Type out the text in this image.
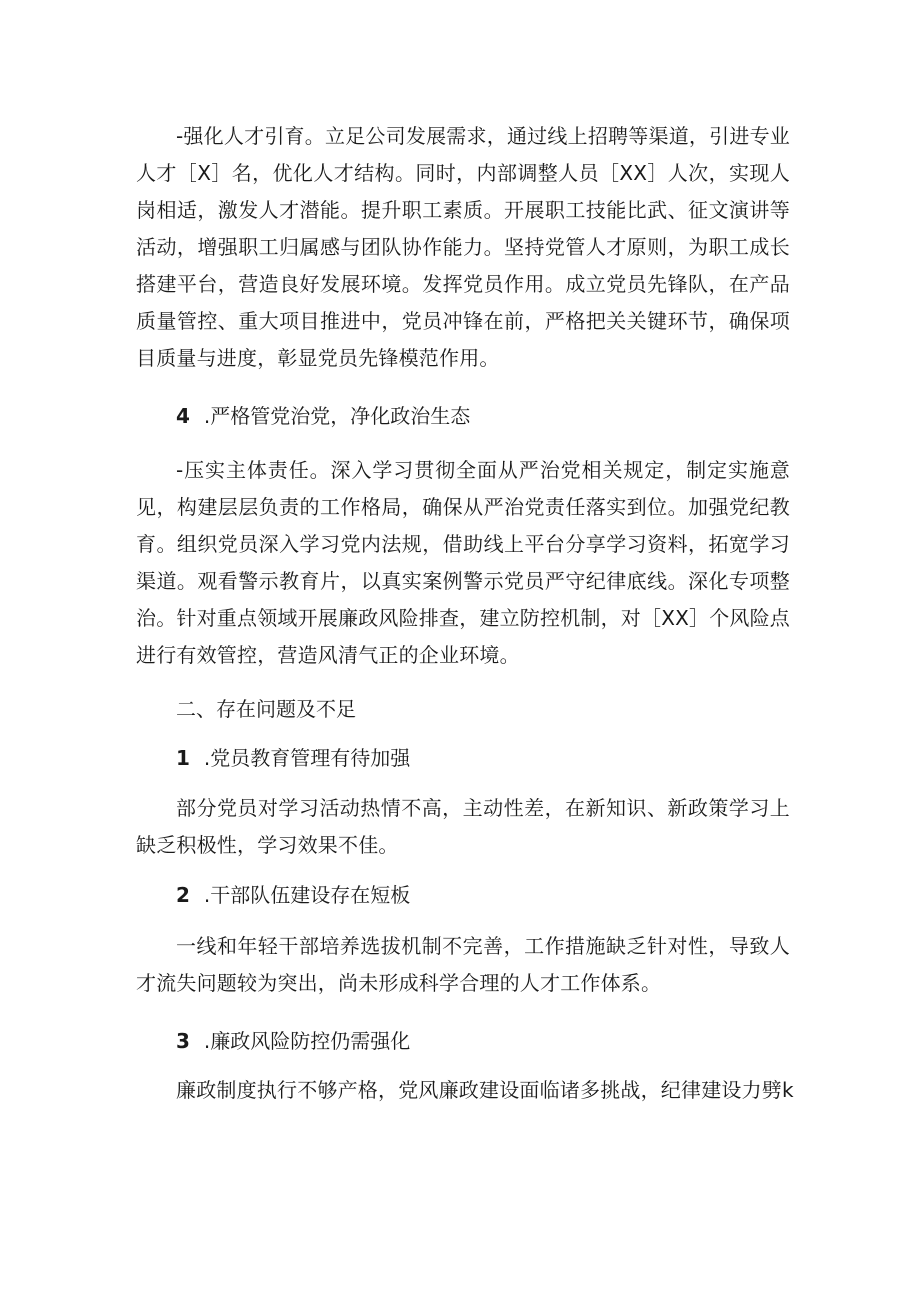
-强化人才引育。立足公司发展需求，通过线上招聘等渠道，引进专业人才［X］名，优化人才结构。同时，内部调整人员［XX］人次，实现人岗相适，激发人才潜能。提升职工素质。开展职工技能比武、征文演讲等活动，增强职工归属感与团队协作能力。坚持党管人才原则，为职工成长搭建平台，营造良好发展环境。发挥党员作用。成立党员先锋队，在产品质量管控、重大项目推进中，党员冲锋在前，严格把关关键环节，确保项目质量与进度，彰显党员先锋模范作用。

4 .严格管党治党，净化政治生态

-压实主体责任。深入学习贯彻全面从严治党相关规定，制定实施意见，构建层层负责的工作格局，确保从严治党责任落实到位。加强党纪教育。组织党员深入学习党内法规，借助线上平台分享学习资料，拓宽学习渠道。观看警示教育片，以真实案例警示党员严守纪律底线。深化专项整治。针对重点领域开展廉政风险排查，建立防控机制，对［XX］个风险点进行有效管控，营造风清气正的企业环境。

二、存在问题及不足
1 .党员教育管理有待加强

部分党员对学习活动热情不高，主动性差，在新知识、新政策学习上缺乏积极性，学习效果不佳。

2 .干部队伍建设存在短板

一线和年轻干部培养选拔机制不完善，工作措施缺乏针对性，导致人才流失问题较为突出，尚未形成科学合理的人才工作体系。

3 .廉政风险防控仍需强化

廉政制度执行不够产格，党风廉政建设面临诸多挑战，纪律建设力劈k
